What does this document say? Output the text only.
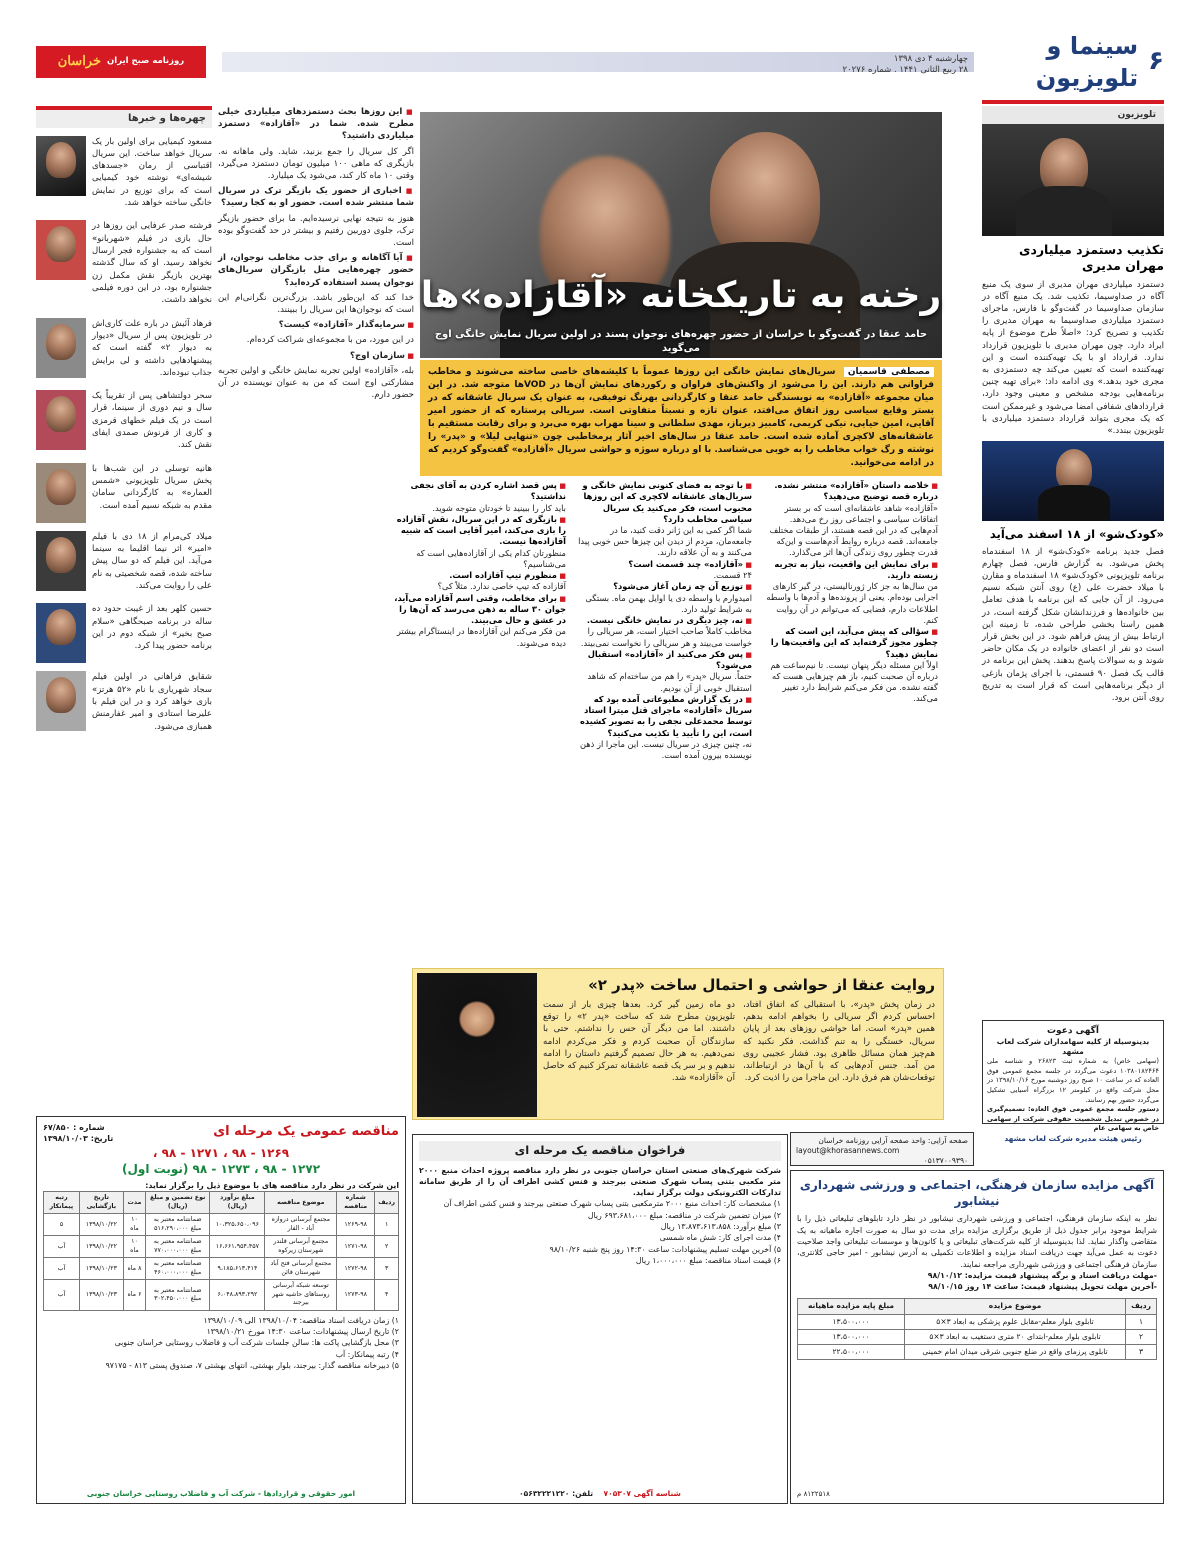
۶
سینما و تلویزیون
چهارشنبه ۴ دی ۱۳۹۸
۲۸ ربیع الثانی ۱۴۴۱ . شماره ۲۰۲۷۶
روزنامه صبح ایران
خراسان
تلویزیون
تکذیب دستمزد میلیاردی مهران مدیری

دستمزد میلیاردی مهران مدیری از سوی یک منبع آگاه در صداوسیما، تکذیب شد. یک منبع آگاه در سازمان صداوسیما در گفت‌وگو با فارس، ماجرای دستمزد میلیاردی صداوسیما به مهران مدیری را تکذیب و تصریح کرد: «اصلاً طرح موضوع از پایه ایراد دارد. چون مهران مدیری با تلویزیون قرارداد ندارد. قرارداد او با یک تهیه‌کننده است و این تهیه‌کننده است که تعیین می‌کند چه دستمزدی به مجری خود بدهد.» وی ادامه داد: «برای تهیه چنین برنامه‌هایی بودجه مشخص و معینی وجود دارد، قراردادهای شفافی امضا می‌شود و غیرممکن است که یک مجری بتواند قرارداد دستمزد میلیاردی با تلویزیون ببندد.»

«کودک‌شو» از ۱۸ اسفند می‌آید

فصل جدید برنامه «کودک‌شو» از ۱۸ اسفندماه پخش می‌شود. به گزارش فارس، فصل چهارم برنامه تلویزیونی «کودک‌شو» ۱۸ اسفندماه و مقارن با میلاد حضرت علی (ع) روی آنتن شبکه نسیم می‌رود. از آن جایی که این برنامه با هدف تعامل بین خانواده‌ها و فرزندانشان شکل گرفته است، در همین راستا بخشی طراحی شده، تا زمینه این ارتباط بیش از پیش فراهم شود. در این بخش قرار است دو نفر از اعضای خانواده در یک مکان حاضر شوند و به سوالات پاسخ بدهند. پخش این برنامه در قالب یک فصل ۹۰ قسمتی، با اجرای پژمان بازغی از دیگر برنامه‌هایی است که قرار است به تدریج روی آنتن برود.

رخنه به تاریکخانه «آقازاده»ها
حامد عنقا در گفت‌وگو با خراسان از حضور چهره‌های نوجوان پسند در اولین سریال نمایش خانگی اوج می‌گوید
مصطفی قاسمیان سریال‌های نمایش خانگی این روزها عموماً با کلیشه‌های خاصی ساخته می‌شوند و مخاطب فراوانی هم دارند. این را می‌شود از واکنش‌های فراوان و رکوردهای نمایش آن‌ها در VOD‌ها متوجه شد. در این میان مجموعه «آقازاده» به نویسندگی حامد عنقا و کارگردانی بهرنگ توفیقی، به عنوان یک سریال عاشقانه که در بستر وقایع سیاسی روز اتفاق می‌افتد، عنوان تازه و نسبتاً متفاوتی است. سریالی پرستاره که از حضور امیر آقایی، امین حیایی، نیکی کریمی، کامبیز دیرباز، مهدی سلطانی و سینا مهراب بهره می‌برد و برای رقابت مستقیم با عاشقانه‌های لاکچری آماده شده است. حامد عنقا در سال‌های اخیر آثار پرمخاطبی چون «تنهایی لیلا» و «پدر» را نوشته و رگ خواب مخاطب را به خوبی می‌شناسد. با او درباره سوژه و حواشی سریال «آقازاده» گفت‌وگو کردیم که در ادامه می‌خوانید.

■ خلاصه داستان «آقازاده» منتشر نشده. درباره قصه توضیح می‌دهید؟

«آقازاده» شاهد عاشقانه‌ای است که بر بستر اتفاقات سیاسی و اجتماعی روز رخ می‌دهد. آدم‌هایی که در این قصه هستند، از طبقات مختلف جامعه‌اند. قصه درباره روابط آدم‌هاست و این‌که قدرت چطور روی زندگی آن‌ها اثر می‌گذارد.

■ برای نمایش این واقعیت، نیاز به تجربه زیسته دارید.

من سال‌ها به جز کار ژورنالیستی، در گیر کارهای اجرایی بوده‌ام. یعنی از پرونده‌ها و آدم‌ها با واسطه اطلاعات دارم، فضایی که می‌توانم در آن روایت کنم.

■ سؤالی که پیش می‌آید، این است که چطور مجوز گرفته‌اید که این واقعیت‌ها را نمایش دهید؟

اولاً این مسئله دیگر پنهان نیست. تا نیم‌ساعت هم درباره آن صحبت کنیم، باز هم چیزهایی هست که گفته نشده. من فکر می‌کنم شرایط دارد تغییر می‌کند.

■ با توجه به فضای کنونی نمایش خانگی و سریال‌های عاشقانه لاکچری که این روزها محبوب است، فکر می‌کنید یک سریال سیاسی مخاطب دارد؟

شما اگر کمی به این ژانر دقت کنید، ما در جامعه‌مان، مردم از دیدن این چیزها حس خوبی پیدا می‌کنند و به آن علاقه دارند.

■ «آقازاده» چند قسمت است؟

۲۴ قسمت.

■ توزیع آن چه زمان آغاز می‌شود؟

امیدوارم با واسطه دی یا اوایل بهمن ماه. بستگی به شرایط تولید دارد.

■ نه، چیز دیگری در نمایش خانگی نیست.

مخاطب کاملاً صاحب اختیار است، هر سریالی را خواست می‌بیند و هر سریالی را نخواست نمی‌بیند.

■ پس فکر می‌کنید از «آقازاده» استقبال می‌شود؟

حتماً. سریال «پدر» را هم من ساخته‌ام که شاهد استقبال خوبی از آن بودیم.

■ در یک گزارش مطبوعاتی آمده بود که سریال «آقازاده» ماجرای قتل میترا استاد توسط محمدعلی نجفی را به تصویر کشیده است، این را تأیید یا تکذیب می‌کنید؟

نه، چنین چیزی در سریال نیست. این ماجرا از ذهن نویسنده بیرون آمده است.

■ پس قصد اشاره کردن به آقای نجفی نداشتید؟

باید کار را ببینید تا خودتان متوجه شوید.

■ بازیگری که در این سریال، نقش آقازاده را بازی می‌کند، امیر آقایی است که شبیه آقازاده‌ها نیست.

منظورتان کدام یکی از آقازاده‌هایی است که می‌شناسیم؟

■ منظورم تیپ آقازاده است.

آقازاده که تیپ خاصی ندارد. مثلاً کی؟

■ برای مخاطب، وقتی اسم آقازاده می‌آید، جوان ۳۰ ساله به ذهن می‌رسد که آن‌ها را در عشق و حال می‌بیند.

من فکر می‌کنم این آقازاده‌ها در اینستاگرام بیشتر دیده می‌شوند.

■ این روزها بحث دستمزدهای میلیاردی خیلی مطرح شده. شما در «آقازاده» دستمزد میلیاردی داشتید؟

اگر کل سریال را جمع بزنید، شاید. ولی ماهانه نه. بازیگری که ماهی ۱۰۰ میلیون تومان دستمزد می‌گیرد، وقتی ۱۰ ماه کار کند، می‌شود یک میلیارد.

■ اخباری از حضور یک بازیگر ترک در سریال شما منتشر شده است. حضور او به کجا رسید؟

هنوز به نتیجه نهایی نرسیده‌ایم. ما برای حضور بازیگر ترک، جلوی دوربین رفتیم و بیشتر در حد گفت‌وگو بوده است.

■ آیا آگاهانه و برای جذب مخاطب نوجوان، از حضور چهره‌هایی مثل بازیگران سریال‌های نوجوان پسند استفاده کرده‌اید؟

خدا کند که این‌طور باشد. بزرگ‌ترین نگرانی‌ام این است که نوجوان‌ها این سریال را ببینند.

■ سرمایه‌گذار «آقازاده» کیست؟

در این مورد، من با مجموعه‌ای شراکت کرده‌ام.

■ سازمان اوج؟

بله، «آقازاده» اولین تجربه نمایش خانگی و اولین تجربه مشارکتی اوج است که من به عنوان نویسنده در آن حضور دارم.

چهره‌ها و خبرها

مسعود کیمیایی برای اولین بار یک سریال خواهد ساخت. این سریال اقتباسی از رمان «جسدهای شیشه‌ای» نوشته خود کیمیایی است که برای توزیع در نمایش خانگی ساخته خواهد شد.

فرشته صدر عرفایی این روزها در حال بازی در فیلم «شهربانو» است که به جشنواره فجر ارسال نخواهد رسید. او که سال گذشته بهترین بازیگر نقش مکمل زن جشنواره بود، در این دوره فیلمی نخواهد داشت.

فرهاد آئیش در باره علت کاری‌اش در تلویزیون پس از سریال «دیوار به دیوار ۲» گفته است که پیشنهادهایی داشته و لی برایش جذاب نبوده‌اند.

سحر دولتشاهی پس از تقریباً یک سال و نیم دوری از سینما، قرار است در یک فیلم خطهای قرمزی و کاری از فرنوش صمدی ایفای نقش کند.

هانیه توسلی در این شب‌ها با پخش سریال تلویزیونی «شمس العماره» به کارگردانی سامان مقدم به شبکه نسیم آمده است.

میلاد کی‌مرام از ۱۸ دی با فیلم «امیر» اثر نیما اقلیما به سینما می‌آید. این فیلم که دو سال پیش ساخته شده، قصه شخصیتی به نام علی را روایت می‌کند.

حسین کلهر بعد از غیبت حدود ده ساله در برنامه صبحگاهی «سلام صبح بخیر» از شبکه دوم در این برنامه حضور پیدا کرد.

شقایق فراهانی در اولین فیلم سجاد شهریاری با نام «۵۲ هرتز» بازی خواهد کرد و در این فیلم با علیرضا استادی و امیر غفارمنش همبازی می‌شود.

روایت عنقا از حواشی و احتمال ساخت «پدر ۲»

در زمان پخش «پدر»، با استقبالی که اتفاق افتاد، احساس کردم اگر سریالی را بخواهم ادامه بدهم، همین «پدر» است. اما حواشی روزهای بعد از پایان سریال، خستگی را به تنم گذاشت. فکر نکنید که هم‌چیز همان مسائل ظاهری بود. فشار عجیبی روی من آمد. جنس آدم‌هایی که با آن‌ها در ارتباط‌اند، توقعات‌شان هم فرق دارد. این ماجرا من را اذیت کرد.

دو ماه زمین گیر کرد. بعدها چیزی بار از سمت تلویزیون مطرح شد که ساخت «پدر ۲» را توقع داشتند. اما من دیگر آن حس را نداشتم. حتی با سازندگان آن صحبت کردم و فکر می‌کردم ادامه نمی‌دهیم. به هر حال تصمیم گرفتیم داستان را ادامه ندهیم و بر سر یک قصه عاشقانه تمرکز کنیم که حاصل آن «آقازاده» شد.

آگهی دعوت
بدینوسیله از کلیه سهامداران شرکت لعاب مشهد

(سهامی خاص) به شماره ثبت ۲۶۸۲۳ و شناسه ملی ۱۰۳۸۰۱۸۲۴۶۴ دعوت می‌گردد در جلسه مجمع عمومی فوق العاده که در ساعت ۱۰ صبح روز دوشنبه مورخ ۱۳۹۸/۱۰/۱۶ در محل شرکت واقع در کیلومتر ۱۲ بزرگراه آسیایی تشکیل می‌گردد حضور بهم رسانند.

دستور جلسه مجمع عمومی فوق العاده: تصمیم‌گیری در خصوص تبدیل شخصیت حقوقی شرکت از سهامی خاص به سهامی عام

رئیس هیئت مدیره شرکت لعاب مشهد
صفحه آرایی: واحد صفحه آرایی روزنامه خراسان
layout@khorasannews.com
۰۵۱۳۷۰۰۹۳۹۰
آگهی مزایده سازمان فرهنگی، اجتماعی و ورزشی شهرداری نیشابور

نظر به اینکه سازمان فرهنگی، اجتماعی و ورزشی شهرداری نیشابور در نظر دارد تابلوهای تبلیغاتی ذیل را با شرایط موجود برابر جدول ذیل از طریق برگزاری مزایده برای مدت دو سال به صورت اجاره ماهیانه به یک متقاضی واگذار نماید. لذا بدینوسیله از کلیه شرکت‌های تبلیغاتی و یا کانون‌ها و موسسات تبلیغاتی واجد صلاحیت دعوت به عمل می‌آید جهت دریافت اسناد مزایده و اطلاعات تکمیلی به آدرس نیشابور - امیر حاجی کلانتری، سازمان فرهنگی اجتماعی و ورزشی شهرداری مراجعه نمایند.

-مهلت دریافت اسناد و برگه پیشنهاد قیمت مزایده: ۹۸/۱۰/۱۲

-آخرین مهلت تحویل پیشنهاد قیمت: ساعت ۱۴ روز ۹۸/۱۰/۱۵

ردیف	موضوع مزایده	مبلغ پایه مزایده ماهیانه
۱	تابلوی بلوار معلم-مقابل علوم پزشکی به ابعاد ۳×۵	۱۳،۵۰۰،۰۰۰
۲	تابلوی بلوار معلم-ابتدای ۲۰ متری دستغیب به ابعاد ۳×۵	۱۳،۵۰۰،۰۰۰
۳	تابلوی پرزمای واقع در ضلع جنوبی شرقی میدان امام خمینی	۲۲،۵۰۰،۰۰۰
۸۱۲۲۵۱۸ م
فراخوان مناقصه یک مرحله ای

شرکت شهرک‌های صنعتی استان خراسان جنوبی در نظر دارد مناقصه پروژه احداث منبع ۲۰۰۰ متر مکعبی بتنی پساب شهرک صنعتی بیرجند و فنس کشی اطراف آن را از طریق سامانه تدارکات الکترونیکی دولت برگزار نماید.

۱) مشخصات کار: احداث منبع ۲۰۰۰ مترمکعبی بتنی پساب شهرک صنعتی بیرجند و فنس کشی اطراف آن

۲) میزان تضمین شرکت در مناقصه: مبلغ ۶۹۳،۶۸۱،۰۰۰ ریال

۳) مبلغ برآورد: ۱۳،۸۷۳،۶۱۳،۸۵۸ ریال

۴) مدت اجرای کار: شش ماه شمسی

۵) آخرین مهلت تسلیم پیشنهادات: ساعت ۱۴:۳۰ روز پنج شنبه ۹۸/۱۰/۲۶

۶) قیمت اسناد مناقصه: مبلغ ۱،۰۰۰،۰۰۰ ریال

شناسه آگهی ۷۰۵۳۰۷    تلفن: ۰۵۶۳۲۲۲۱۲۲۰
مناقصه عمومی یک مرحله ای
شماره : ۶۷/۸۵۰
تاریخ: ۱۳۹۸/۱۰/۰۳
۱۲۶۹ - ۹۸ ، ۱۲۷۱ - ۹۸ ،
۱۲۷۲ - ۹۸ ، ۱۲۷۳ - ۹۸ (نوبت اول)

این شرکت در نظر دارد مناقصه های با موضوع ذیل را برگزار نماید:

ردیف	شماره مناقصه	موضوع مناقصه	مبلغ برآورد (ریال)	نوع تضمین و مبلغ (ریال)	مدت	تاریخ بازگشایی	رتبه پیمانکار
۱	۱۲۶۹-۹۸	مجتمع آبرسانی دروازه آباد - الفار	۱۰،۳۲۵،۶۵۰،۰۹۶	ضمانتنامه معتبر به مبلغ ۵۱۶،۲۹۰،۰۰۰	۱۰ ماه	۱۳۹۸/۱۰/۲۲	۵
۲	۱۲۷۱-۹۸	مجتمع آبرسانی قلندر شهرستان زیرکوه	۱۶،۶۶۱،۹۵۴،۴۵۷	ضمانتنامه معتبر به مبلغ ۷۷۰،۰۰۰،۰۰۰	۱۰ ماه	۱۳۹۸/۱۰/۲۲	آب
۳	۱۲۷۲-۹۸	مجتمع آبرسانی فتح آباد شهرستان قائن	۹،۱۸۵،۶۱۳،۴۱۴	ضمانتنامه معتبر به مبلغ ۴۶۰،۰۰۰،۰۰۰	۸ ماه	۱۳۹۸/۱۰/۲۳	آب
۴	۱۲۷۳-۹۸	توسعه شبکه آبرسانی روستاهای حاشیه شهر بیرجند	۶،۰۴۸،۸۹۳،۲۹۲	ضمانتنامه معتبر به مبلغ ۳۰۲،۴۵۰،۰۰۰	۶ ماه	۱۳۹۸/۱۰/۲۳	آب

۱) زمان دریافت اسناد مناقصه: ۱۳۹۸/۱۰/۰۴ الی ۱۳۹۸/۱۰/۰۹

۲) تاریخ ارسال پیشنهادات: ساعت ۱۴:۳۰ مورخ ۱۳۹۸/۱۰/۲۱

۳) محل بازگشایی پاکت ها: سالن جلسات شرکت آب و فاضلاب روستایی خراسان جنوبی

۴) رتبه پیمانکار: آب

۵) دبیرخانه مناقصه گذار: بیرجند، بلوار بهشتی، انتهای بهشتی ۷، صندوق پستی ۸۱۳ - ۹۷۱۷۵

امور حقوقی و قراردادها - شرکت آب و فاضلاب روستایی خراسان جنوبی
